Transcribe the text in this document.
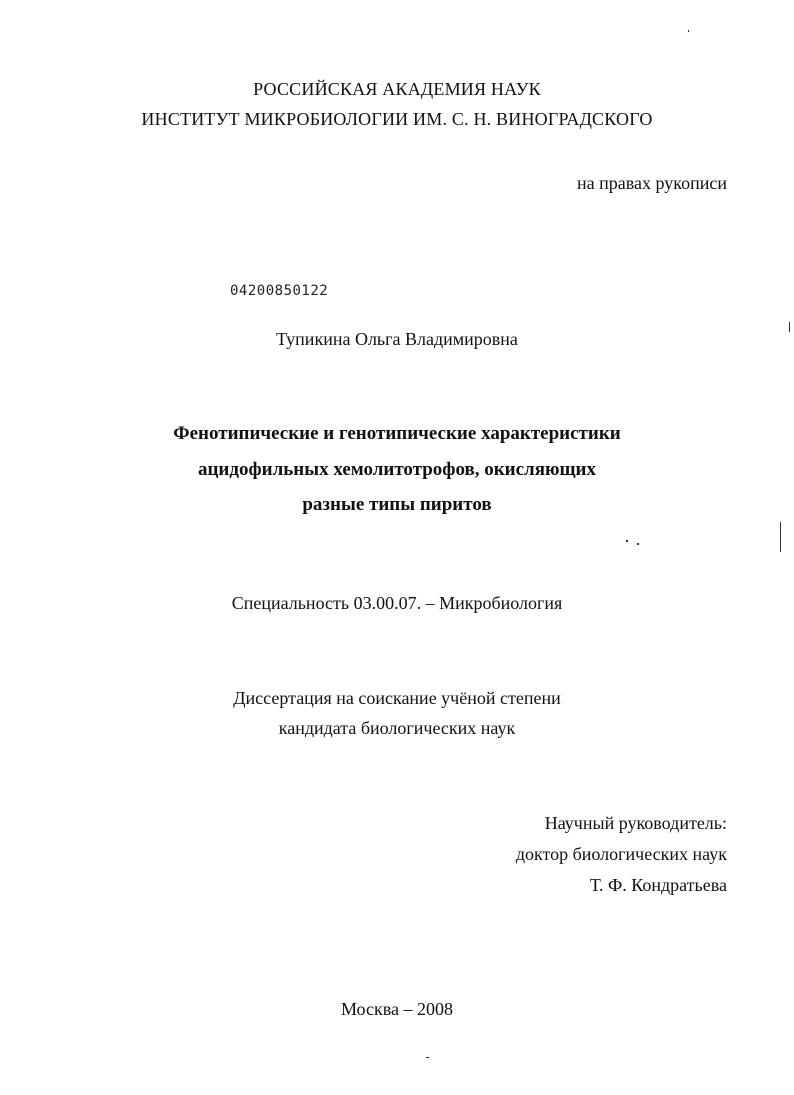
РОССИЙСКАЯ АКАДЕМИЯ НАУК
ИНСТИТУТ МИКРОБИОЛОГИИ ИМ. С. Н. ВИНОГРАДСКОГО
на правах рукописи
04200850122
Тупикина Ольга Владимировна
Фенотипические и генотипические характеристики
ацидофильных хемолитотрофов, окисляющих
разные типы пиритов
Специальность 03.00.07. – Микробиология
Диссертация на соискание учёной степени
кандидата биологических наук
Научный руководитель:
доктор биологических наук
Т. Ф. Кондратьева
Москва – 2008
